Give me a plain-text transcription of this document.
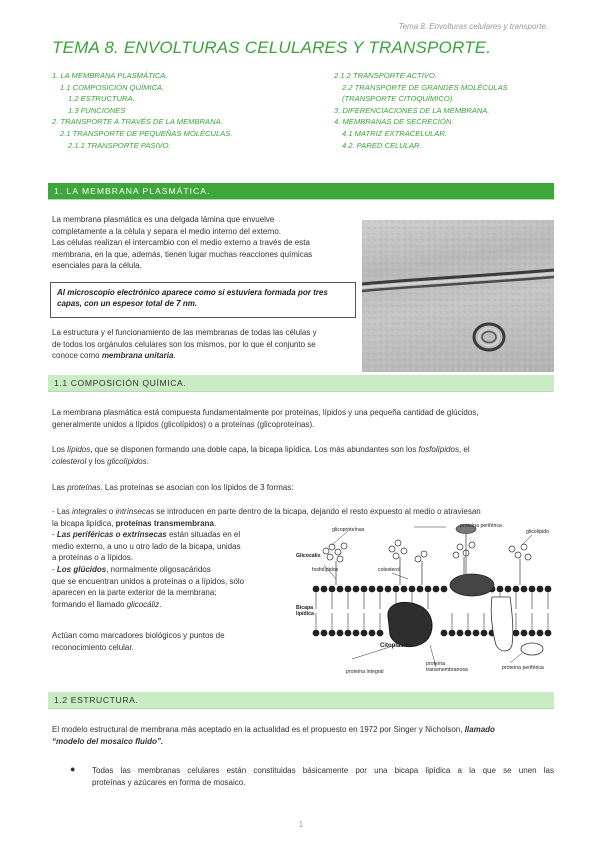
Tema 8. Envolturas celulares y transporte.
TEMA 8. ENVOLTURAS CELULARES Y TRANSPORTE.
1. LA MEMBRANA PLASMÁTICA.
1.1 COMPOSICIÓN QUÍMICA.
1.2 ESTRUCTURA.
1.3 FUNCIONES
2. TRANSPORTE A TRAVÉS DE LA MEMBRANA.
2.1 TRANSPORTE DE PEQUEÑAS MOLÉCULAS.
2.1.1 TRANSPORTE PASIVO.
2.1.2 TRANSPORTE ACTIVO.
2.2 TRANSPORTE DE GRANDES MOLÉCULAS
(TRANSPORTE CITOQUÍMICO).
3. DIFERENCIACIONES DE LA MEMBRANA.
4. MEMBRANAS DE SECRECIÓN.
4.1 MATRIZ EXTRACELULAR.
4.2. PARED CELULAR.
1. LA MEMBRANA PLASMÁTICA.
La membrana plasmática es una delgada lámina que envuelve
completamente a la célula y separa el medio interno del externo.
Las células realizan el intercambio con el medio externo a través de esta
membrana, en la que, además, tienen lugar muchas reacciones químicas
esenciales para la célula.
Al microscopio electrónico aparece como si estuviera formada por tres
capas, con un espesor total de 7 nm.
La estructura y el funcionamiento de las membranas de todas las células y
de todos los orgánulos celulares son los mismos, por lo que el conjunto se
conoce como membrana unitaria.
1.1 COMPOSICIÓN QUÍMICA.
La membrana plasmática está compuesta fundamentalmente por proteínas, lípidos y una pequeña cantidad de glúcidos,
generalmente unidos a lípidos (glicolípidos) o a proteínas (glicoproteínas).
Los lípidos, que se disponen formando una doble capa, la bicapa lipídica. Los más abundantes son los fosfolípidos, el
colesterol y los glicolípidos.
Las proteínas. Las proteínas se asocian con los lípidos de 3 formas:
- Las integrales o intrínsecas se introducen en parte dentro de la bicapa, dejando el resto expuesto al medio o atraviesan
la bicapa lipídica, proteínas transmembrana.
- Las periféricas o extrínsecas están situadas en el
medio externo, a uno u otro lado de la bicapa, unidas
a proteínas o a lípidos.
- Los glúcidos, normalmente oligosacáridos
que se encuentran unidos a proteínas o a lípidos, sólo
aparecen en la parte exterior de la membrana;
formando el llamado glicocáliz.
Actúan como marcadores biológicos y puntos de
reconocimiento celular.
proteína periférica
glicoproteínas	glicolípido
Glicocálix
fosfolípidos	colesterol
Bicapa
lipídica
Citoplasma
proteína integral
proteína
transmembranosa	proteína periférica
1.2 ESTRUCTURA.
El modelo estructural de membrana más aceptado en la actualidad es el propuesto en 1972 por Singer y Nicholson, llamado
“modelo del mosaico fluido”.
● Todas las membranas celulares están constituidas básicamente por una bicapa lipídica a la que se unen las
proteínas y azúcares en forma de mosaico.
1
